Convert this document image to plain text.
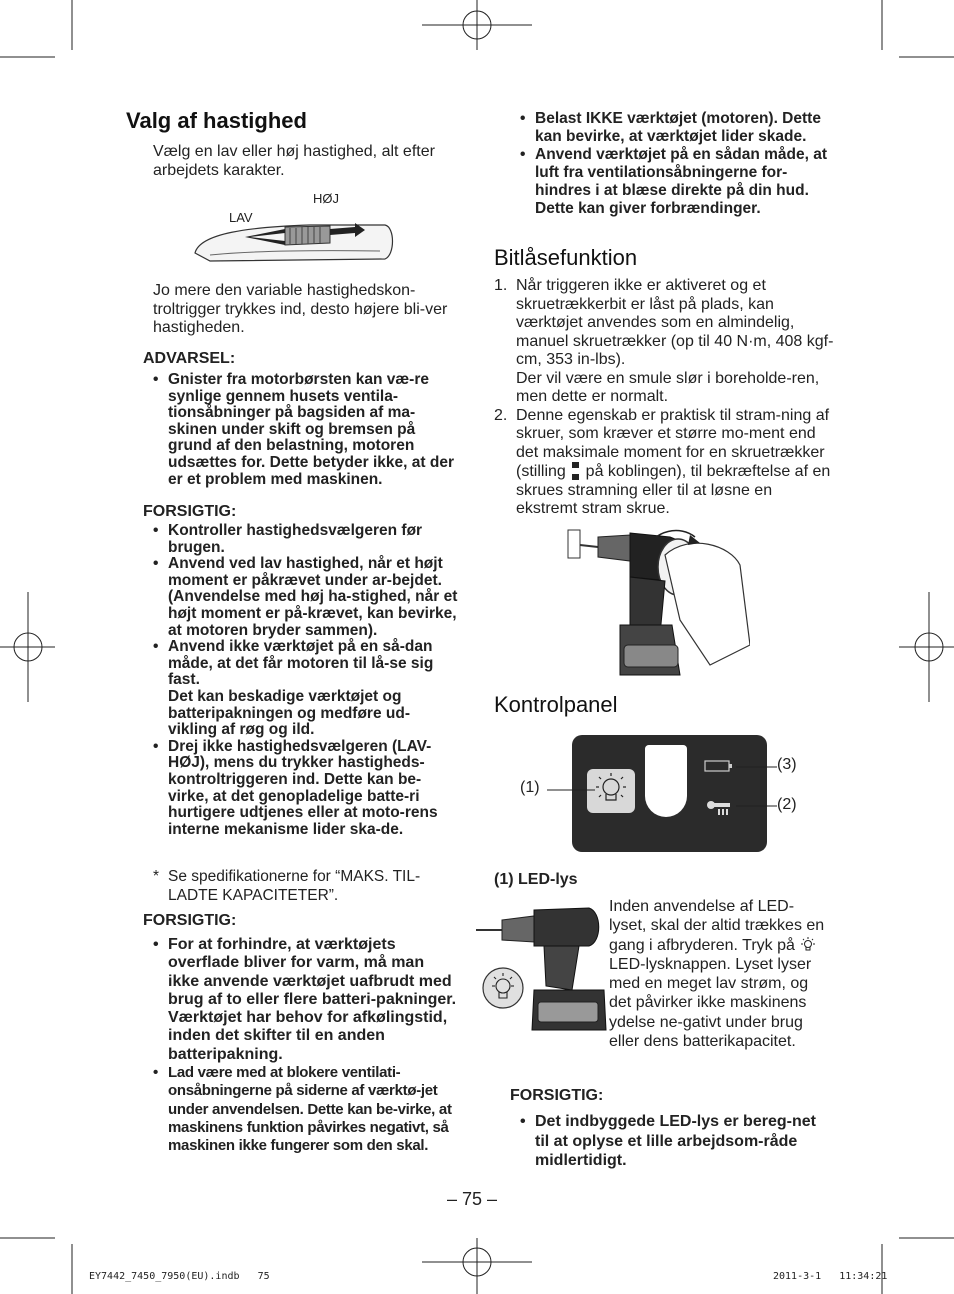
Valg af hastighed
Vælg en lav eller høj hastighed, alt efter arbejdets karakter.
HØJ
LAV
Jo mere den variable hastighedskon-troltrigger trykkes ind, desto højere bli-ver hastigheden.
ADVARSEL:
• Gnister fra motorbørsten kan væ-re synlige gennem husets ventila-tionsåbninger på bagsiden af ma-skinen under skift og bremsen på grund af den belastning, motoren udsættes for. Dette betyder ikke, at der er et problem med maskinen.
FORSIGTIG:
• Kontroller hastighedsvælgeren før brugen.
• Anvend ved lav hastighed, når et højt moment er påkrævet under ar-bejdet. (Anvendelse med høj ha-stighed, når et højt moment er på-krævet, kan bevirke, at motoren bryder sammen).
• Anvend ikke værktøjet på en så-dan måde, at det får motoren til lå-se sig fast.
Det kan beskadige værktøjet og batteripakningen og medføre ud-vikling af røg og ild.
• Drej ikke hastighedsvælgeren (LAV-HØJ), mens du trykker hastigheds-kontroltriggeren ind. Dette kan be-virke, at det genopladelige batte-ri hurtigere udtjenes eller at moto-rens interne mekanisme lider ska-de.
* Se spedifikationerne for “MAKS. TIL-LADTE KAPACITETER”.
FORSIGTIG:
• For at forhindre, at værktøjets overflade bliver for varm, må man ikke anvende værktøjet uafbrudt med brug af to eller flere batteri-pakninger. Værktøjet har behov for afkølingstid, inden det skifter til en anden batteripakning.
• Lad være med at blokere ventilati-onsåbningerne på siderne af værktø-jet under anvendelsen. Dette kan be-virke, at maskinens funktion påvirkes negativt, så maskinen ikke fungerer som den skal.
• Belast IKKE værktøjet (motoren). Dette kan bevirke, at værktøjet lider skade.
• Anvend værktøjet på en sådan måde, at luft fra ventilationsåbningerne for-hindres i at blæse direkte på din hud. Dette kan giver forbrændinger.
Bitlåsefunktion
1. Når triggeren ikke er aktiveret og et skruetrækkerbit er låst på plads, kan værktøjet anvendes som en almindelig, manuel skruetrækker (op til 40 N·m, 408 kgf-cm, 353 in-lbs).
Der vil være en smule slør i boreholde-ren, men dette er normalt.
2. Denne egenskab er praktisk til stram-ning af skruer, som kræver et større mo-ment end det maksimale moment for en skruetrækker (stilling  på koblingen), til bekræftelse af en skrues stramning eller til at løsne en ekstremt stram skrue.
Kontrolpanel
(1)
(3)
(2)
(1) LED-lys
Inden anvendelse af LED-lyset, skal der altid trækkes en gang i afbryderen. Tryk på  LED-lysknappen. Lyset lyser med en meget lav strøm, og det påvirker ikke maskinens ydelse ne-gativt under brug eller dens batterikapacitet.
FORSIGTIG:
• Det indbyggede LED-lys er bereg-net til at oplyse et lille arbejdsom-råde midlertidigt.
– 75 –
EY7442_7450_7950(EU).indb   75	2011-3-1   11:34:21
